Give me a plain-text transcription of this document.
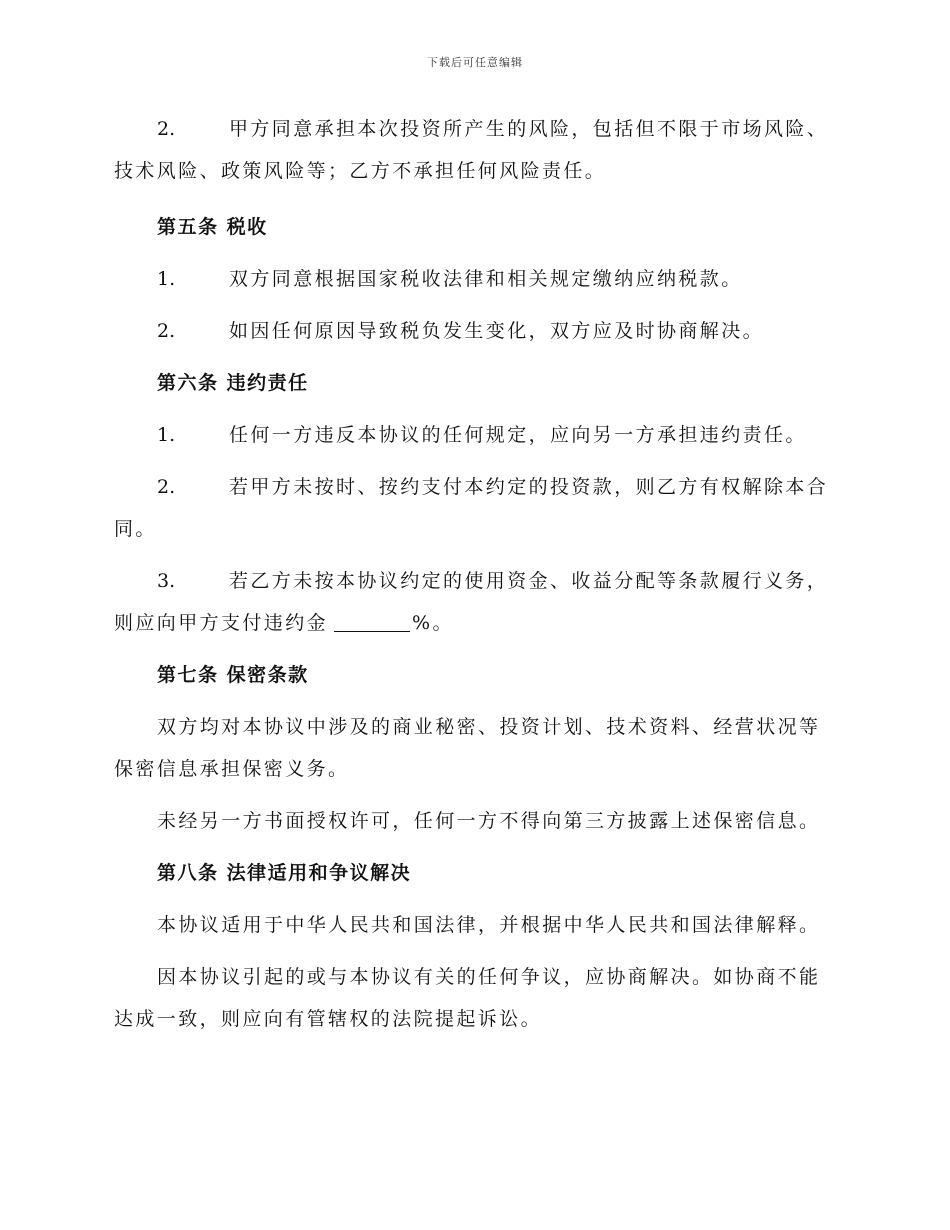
下载后可任意编辑

2.	甲方同意承担本次投资所产生的风险，包括但不限于市场风险、技术风险、政策风险等；乙方不承担任何风险责任。

第五条 税收

1.	双方同意根据国家税收法律和相关规定缴纳应纳税款。

2.	如因任何原因导致税负发生变化，双方应及时协商解决。

第六条 违约责任

1.	任何一方违反本协议的任何规定，应向另一方承担违约责任。

2.	若甲方未按时、按约支付本约定的投资款，则乙方有权解除本合同。

3.	若乙方未按本协议约定的使用资金、收益分配等条款履行义务，则应向甲方支付违约金	%。

第七条 保密条款

双方均对本协议中涉及的商业秘密、投资计划、技术资料、经营状况等保密信息承担保密义务。

未经另一方书面授权许可，任何一方不得向第三方披露上述保密信息。

第八条 法律适用和争议解决

本协议适用于中华人民共和国法律，并根据中华人民共和国法律解释。

因本协议引起的或与本协议有关的任何争议，应协商解决。如协商不能达成一致，则应向有管辖权的法院提起诉讼。
